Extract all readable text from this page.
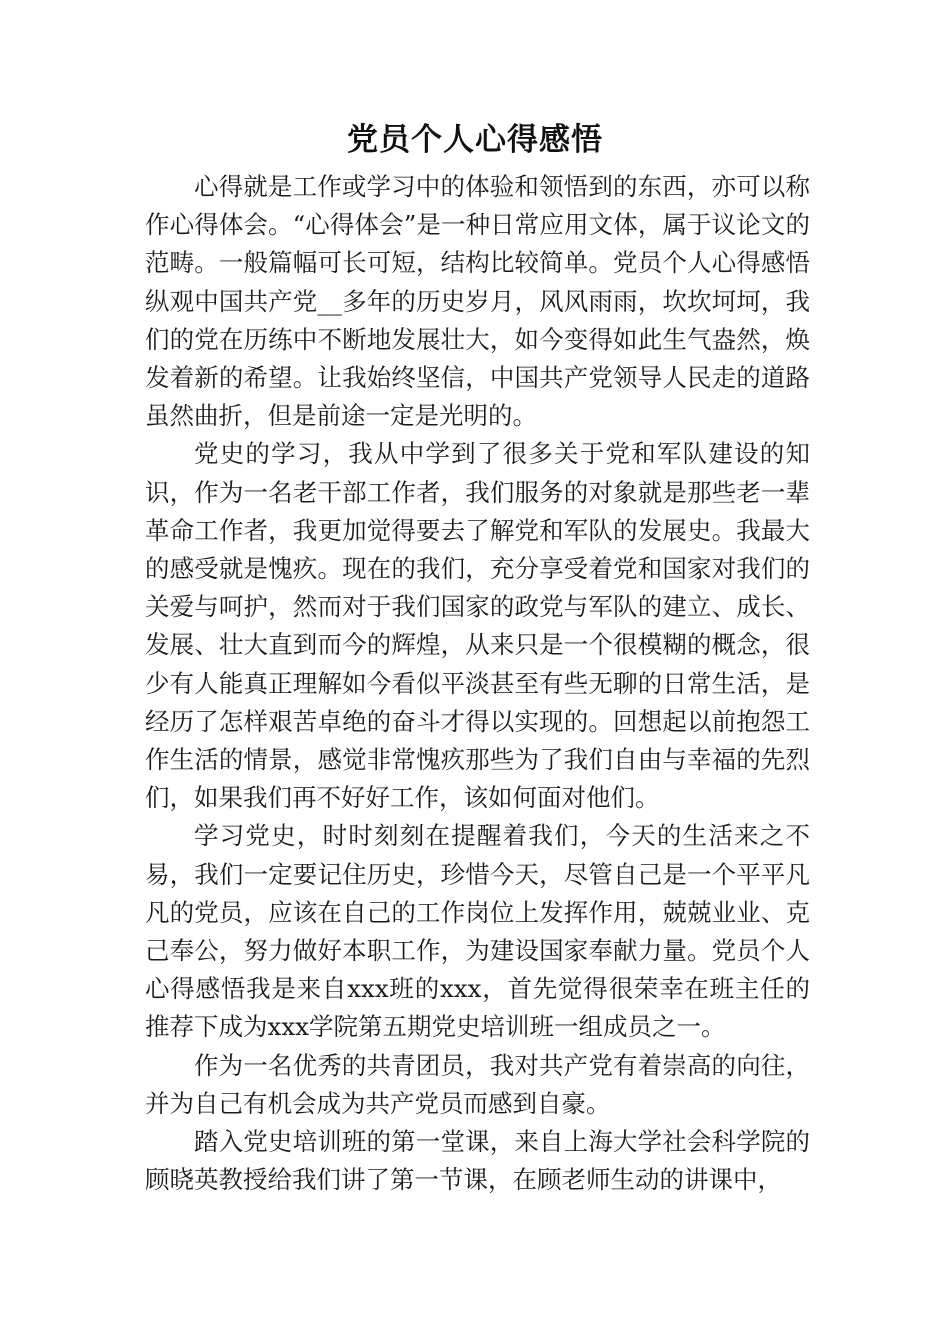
党员个人心得感悟

心得就是工作或学习中的体验和领悟到的东西，亦可以称作心得体会。“心得体会”是一种日常应用文体，属于议论文的范畴。一般篇幅可长可短，结构比较简单。党员个人心得感悟纵观中国共产党__多年的历史岁月，风风雨雨，坎坎坷坷，我们的党在历练中不断地发展壮大，如今变得如此生气盎然，焕发着新的希望。让我始终坚信，中国共产党领导人民走的道路虽然曲折，但是前途一定是光明的。

党史的学习，我从中学到了很多关于党和军队建设的知识，作为一名老干部工作者，我们服务的对象就是那些老一辈革命工作者，我更加觉得要去了解党和军队的发展史。我最大的感受就是愧疚。现在的我们，充分享受着党和国家对我们的关爱与呵护，然而对于我们国家的政党与军队的建立、成长、发展、壮大直到而今的辉煌，从来只是一个很模糊的概念，很少有人能真正理解如今看似平淡甚至有些无聊的日常生活，是经历了怎样艰苦卓绝的奋斗才得以实现的。回想起以前抱怨工作生活的情景，感觉非常愧疚那些为了我们自由与幸福的先烈们，如果我们再不好好工作，该如何面对他们。

学习党史，时时刻刻在提醒着我们，今天的生活来之不易，我们一定要记住历史，珍惜今天，尽管自己是一个平平凡凡的党员，应该在自己的工作岗位上发挥作用，兢兢业业、克己奉公，努力做好本职工作，为建设国家奉献力量。党员个人心得感悟我是来自xxx班的xxx，首先觉得很荣幸在班主任的推荐下成为xxx学院第五期党史培训班一组成员之一。

作为一名优秀的共青团员，我对共产党有着崇高的向往，并为自己有机会成为共产党员而感到自豪。

踏入党史培训班的第一堂课，来自上海大学社会科学院的顾晓英教授给我们讲了第一节课，在顾老师生动的讲课中，
